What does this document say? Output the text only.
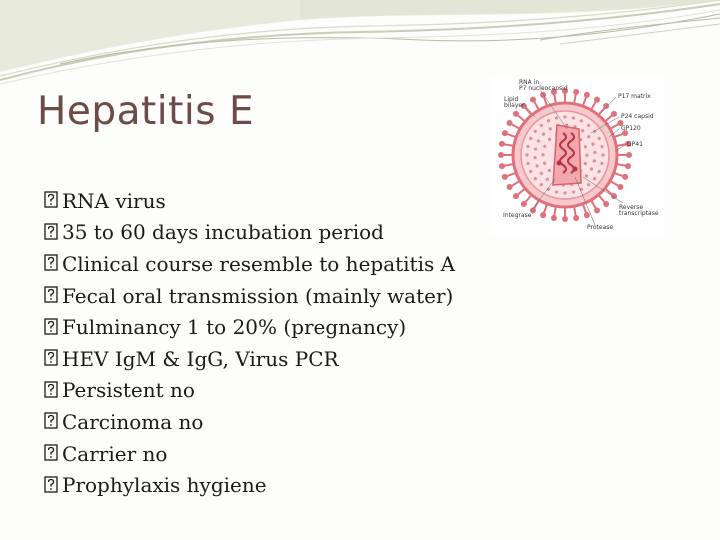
Hepatitis E
RNA virus
35 to 60 days incubation period
Clinical course resemble to hepatitis A
Fecal oral transmission (mainly water)
Fulminancy 1 to 20% (pregnancy)
HEV IgM & IgG, Virus PCR
Persistent no
Carcinoma no
Carrier no
Prophylaxis hygiene
RNA in
P7 nucleocapsid
Lipid
bilayer
P17 matrix
P24 capsid
GP120
GP41
Reverse
transcriptase
Integrase
Protease
